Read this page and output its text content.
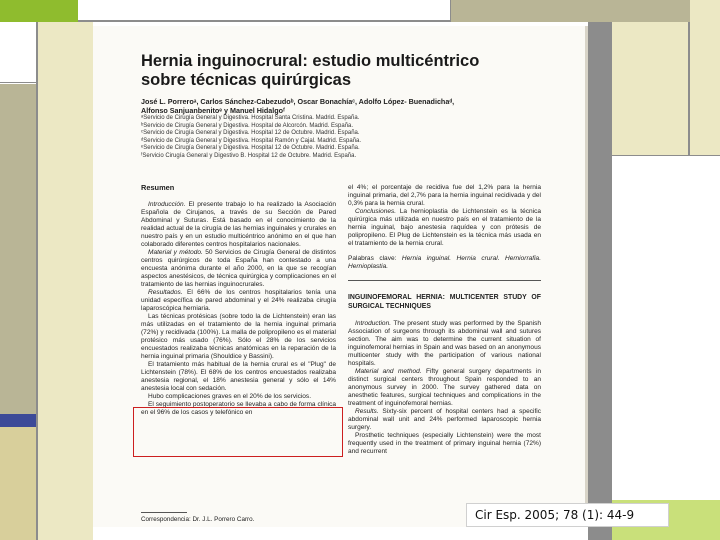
Hernia inguinocrural: estudio multicéntrico
sobre técnicas quirúrgicas
José L. Porreroᵃ, Carlos Sánchez-Cabezudoᵇ, Oscar Bonachíaᶜ, Adolfo López- Buenadichaᵈ,
Alfonso Sanjuanbenitoᵉ y Manuel Hidalgoᶠ
ᵃServicio de Cirugía General y Digestiva. Hospital Santa Cristina. Madrid. España.
ᵇServicio de Cirugía General y Digestiva. Hospital de Alcorcón. Madrid. España.
ᶜServicio de Cirugía General y Digestiva. Hospital 12 de Octubre. Madrid. España.
ᵈServicio de Cirugía General y Digestiva. Hospital Ramón y Cajal. Madrid. España.
ᵉServicio de Cirugía General y Digestiva. Hospital 12 de Octubre. Madrid. España.
ᶠServicio Cirugía General y Digestivo B. Hospital 12 de Octubre. Madrid. España.

Resumen

Introducción. El presente trabajo lo ha realizado la Asociación Española de Cirujanos, a través de su Sección de Pared Abdominal y Suturas. Está basado en el conocimiento de la realidad actual de la cirugía de las hernias inguinales y crurales en nuestro país y en un estudio multicéntrico anónimo en el que han colaborado diferentes centros hospitalarios nacionales.

Material y método. 50 Servicios de Cirugía General de distintos centros quirúrgicos de toda España han contestado a una encuesta anónima durante el año 2000, en la que se recogían aspectos anestésicos, de técnica quirúrgica y complicaciones en el tratamiento de las hernias inguinocrurales.

Resultados. El 66% de los centros hospitalarios tenía una unidad específica de pared abdominal y el 24% realizaba cirugía laparoscópica herniaria.

Las técnicas protésicas (sobre todo la de Lichtenstein) eran las más utilizadas en el tratamiento de la hernia inguinal primaria (72%) y recidivada (100%). La malla de polipropileno es el material protésico más usado (76%). Sólo el 28% de los servicios encuestados realizaba técnicas anatómicas en la reparación de la hernia inguinal primaria (Shouldice y Bassini).

El tratamiento más habitual de la hernia crural es el "Plug" de Lichtenstein (78%). El 68% de los centros encuestados realizaba anestesia regional, el 18% anestesia general y sólo el 14% anestesia local con sedación.

Hubo complicaciones graves en el 20% de los servicios.

El seguimiento postoperatorio se llevaba a cabo de forma clínica en el 96% de los casos y telefónico en

el 4%; el porcentaje de recidiva fue del 1,2% para la hernia inguinal primaria, del 2,7% para la hernia inguinal recidivada y del 0,3% para la hernia crural.

Conclusiones. La hernioplastia de Lichtenstein es la técnica quirúrgica más utilizada en nuestro país en el tratamiento de la hernia inguinal, bajo anestesia raquídea y con prótesis de polipropileno. El Plug de Lichtenstein es la técnica más usada en el tratamiento de la hernia crural.

Palabras clave: Hernia inguinal. Hernia crural. Herniorrafia. Hernioplastia.

INGUINOFEMORAL HERNIA: MULTICENTER STUDY OF SURGICAL TECHNIQUES

Introduction. The present study was performed by the Spanish Association of surgeons through its abdominal wall and sutures section. The aim was to determine the current situation of inguinofemoral hernias in Spain and was based on an anonymous multicenter study with the participation of various national hospitals.

Material and method. Fifty general surgery departments in distinct surgical centers throughout Spain responded to an anonymous survey in 2000. The survey gathered data on anesthetic features, surgical techniques and complications in the treatment of inguinofemoral hernias.

Results. Sixty-six percent of hospital centers had a specific abdominal wall unit and 24% performed laparoscopic hernia surgery.

Prosthetic techniques (especially Lichtenstein) were the most frequently used in the treatment of primary inguinal hernia (72%) and recurrent

Correspondencia: Dr. J.L. Porrero Carro.	Cir Esp. 2005; 78 (1): 44-9
